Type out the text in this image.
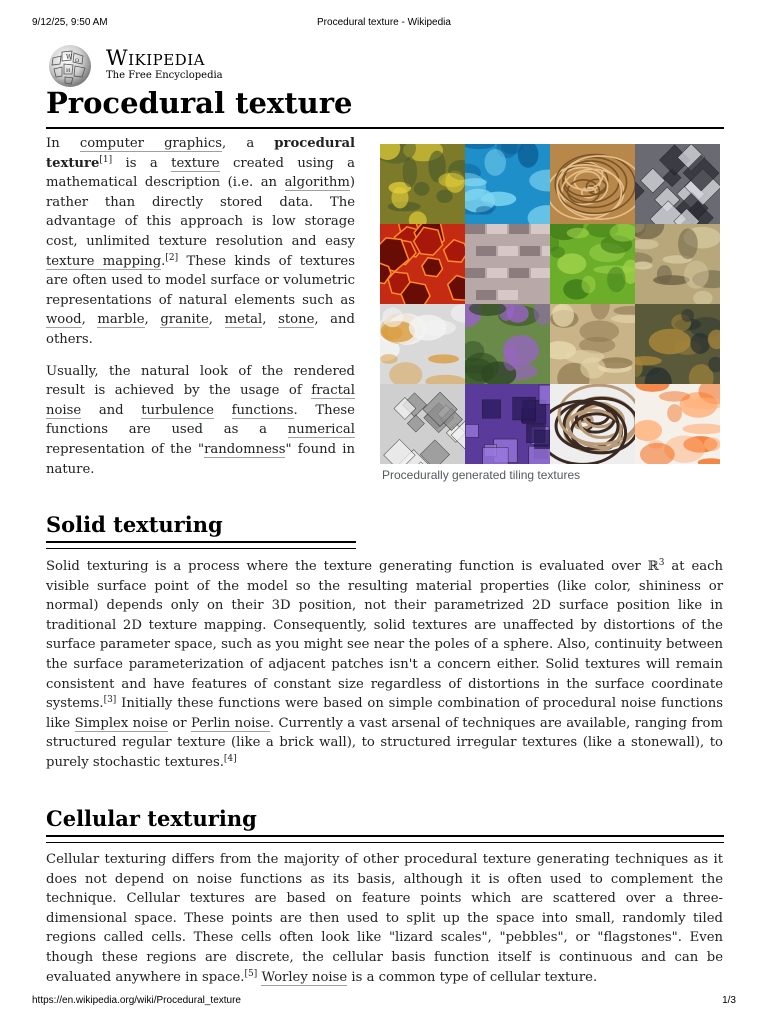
9/12/25, 9:50 AM	Procedural texture - Wikipedia
W Ω
И
Wikipedia
The Free Encyclopedia
Procedural texture

In computer graphics, a procedural texture[1] is a texture created using a mathematical description (i.e. an algorithm) rather than directly stored data. The advantage of this approach is low storage cost, unlimited texture resolution and easy texture mapping.[2] These kinds of textures are often used to model surface or volumetric representations of natural elements such as wood, marble, granite, metal, stone, and others.

Usually, the natural look of the rendered result is achieved by the usage of fractal noise and turbulence functions. These functions are used as a numerical representation of the "randomness" found in nature.	Procedurally generated tiling textures
Solid texturing

Solid texturing is a process where the texture generating function is evaluated over ℝ$^3$ at each visible surface point of the model so the resulting material properties (like color, shininess or normal) depends only on their 3D position, not their parametrized 2D surface position like in traditional 2D texture mapping. Consequently, solid textures are unaffected by distortions of the surface parameter space, such as you might see near the poles of a sphere. Also, continuity between the surface parameterization of adjacent patches isn't a concern either. Solid textures will remain consistent and have features of constant size regardless of distortions in the surface coordinate systems.[3] Initially these functions were based on simple combination of procedural noise functions like Simplex noise or Perlin noise. Currently a vast arsenal of techniques are available, ranging from structured regular texture (like a brick wall), to structured irregular textures (like a stonewall), to purely stochastic textures.[4]

Cellular texturing

Cellular texturing differs from the majority of other procedural texture generating techniques as it does not depend on noise functions as its basis, although it is often used to complement the technique. Cellular textures are based on feature points which are scattered over a three-dimensional space. These points are then used to split up the space into small, randomly tiled regions called cells. These cells often look like "lizard scales", "pebbles", or "flagstones". Even though these regions are discrete, the cellular basis function itself is continuous and can be evaluated anywhere in space.[5] Worley noise is a common type of cellular texture.

https://en.wikipedia.org/wiki/Procedural_texture	1/3
